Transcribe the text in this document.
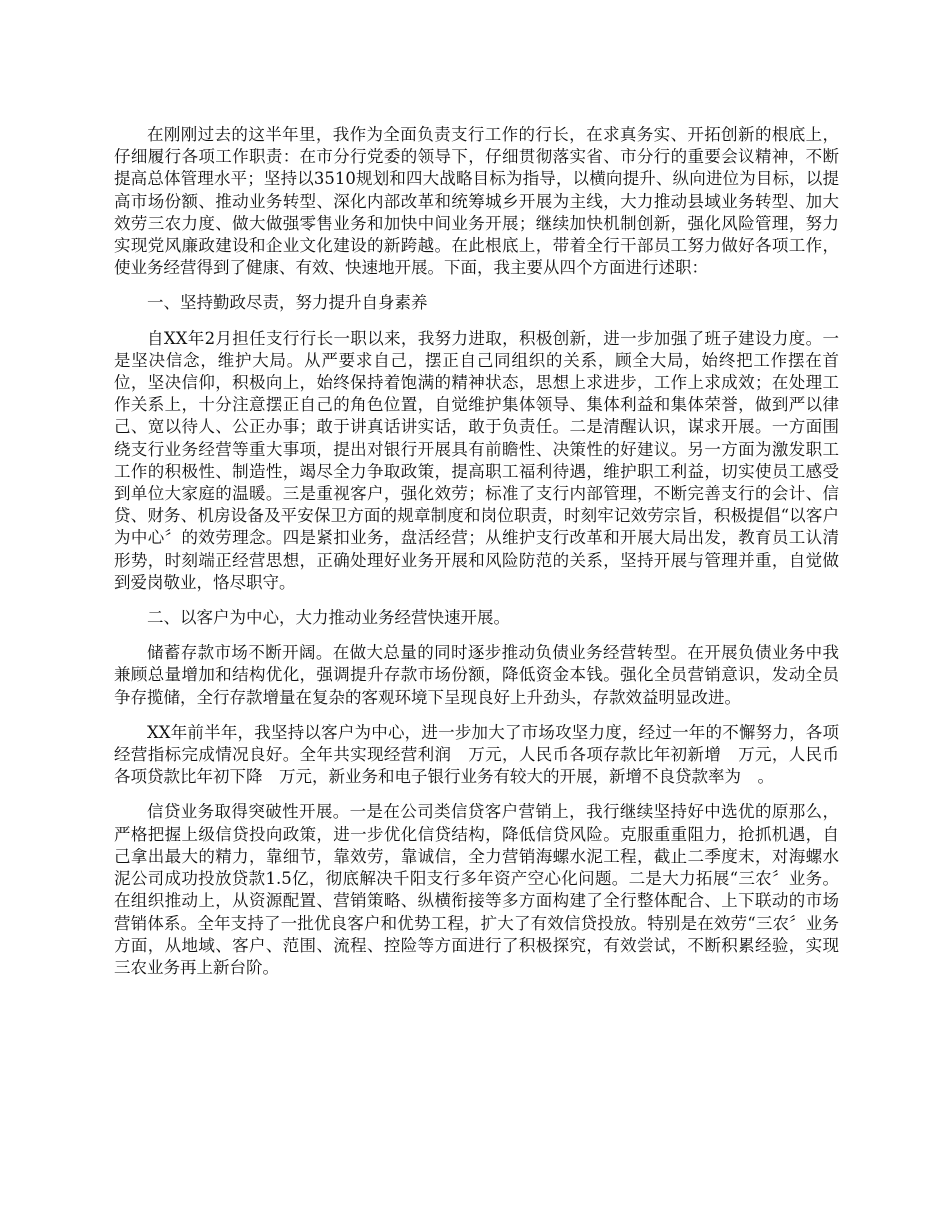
在刚刚过去的这半年里，我作为全面负责支行工作的行长，在求真务实、开拓创新的根底上，仔细履行各项工作职责：在市分行党委的领导下，仔细贯彻落实省、市分行的重要会议精神，不断提高总体管理水平；坚持以3510规划和四大战略目标为指导，以横向提升、纵向进位为目标，以提高市场份额、推动业务转型、深化内部改革和统筹城乡开展为主线，大力推动县域业务转型、加大效劳三农力度、做大做强零售业务和加快中间业务开展；继续加快机制创新，强化风险管理，努力实现党风廉政建设和企业文化建设的新跨越。在此根底上，带着全行干部员工努力做好各项工作，使业务经营得到了健康、有效、快速地开展。下面，我主要从四个方面进行述职：

一、坚持勤政尽责，努力提升自身素养

自XX年2月担任支行行长一职以来，我努力进取，积极创新，进一步加强了班子建设力度。一是坚决信念，维护大局。从严要求自己，摆正自己同组织的关系，顾全大局，始终把工作摆在首位，坚决信仰，积极向上，始终保持着饱满的精神状态，思想上求进步，工作上求成效；在处理工作关系上，十分注意摆正自己的角色位置，自觉维护集体领导、集体利益和集体荣誉，做到严以律己、宽以待人、公正办事；敢于讲真话讲实话，敢于负责任。二是清醒认识，谋求开展。一方面围绕支行业务经营等重大事项，提出对银行开展具有前瞻性、决策性的好建议。另一方面为激发职工工作的积极性、制造性，竭尽全力争取政策，提高职工福利待遇，维护职工利益，切实使员工感受到单位大家庭的温暖。三是重视客户，强化效劳；标准了支行内部管理，不断完善支行的会计、信贷、财务、机房设备及平安保卫方面的规章制度和岗位职责，时刻牢记效劳宗旨，积极提倡“以客户为中心〞的效劳理念。四是紧扣业务，盘活经营；从维护支行改革和开展大局出发，教育员工认清形势，时刻端正经营思想，正确处理好业务开展和风险防范的关系，坚持开展与管理并重，自觉做到爱岗敬业，恪尽职守。

二、以客户为中心，大力推动业务经营快速开展。

储蓄存款市场不断开阔。在做大总量的同时逐步推动负债业务经营转型。在开展负债业务中我兼顾总量增加和结构优化，强调提升存款市场份额，降低资金本钱。强化全员营销意识，发动全员争存揽储，全行存款增量在复杂的客观环境下呈现良好上升劲头，存款效益明显改进。

XX年前半年，我坚持以客户为中心，进一步加大了市场攻坚力度，经过一年的不懈努力，各项经营指标完成情况良好。全年共实现经营利润　万元，人民币各项存款比年初新增　万元，人民币各项贷款比年初下降　万元，新业务和电子银行业务有较大的开展，新增不良贷款率为　。

信贷业务取得突破性开展。一是在公司类信贷客户营销上，我行继续坚持好中选优的原那么，严格把握上级信贷投向政策，进一步优化信贷结构，降低信贷风险。克服重重阻力，抢抓机遇，自己拿出最大的精力，靠细节，靠效劳，靠诚信，全力营销海螺水泥工程，截止二季度末，对海螺水泥公司成功投放贷款1.5亿，彻底解决千阳支行多年资产空心化问题。二是大力拓展“三农〞业务。在组织推动上，从资源配置、营销策略、纵横衔接等多方面构建了全行整体配合、上下联动的市场营销体系。全年支持了一批优良客户和优势工程，扩大了有效信贷投放。特别是在效劳“三农〞业务方面，从地域、客户、范围、流程、控险等方面进行了积极探究，有效尝试，不断积累经验，实现三农业务再上新台阶。
